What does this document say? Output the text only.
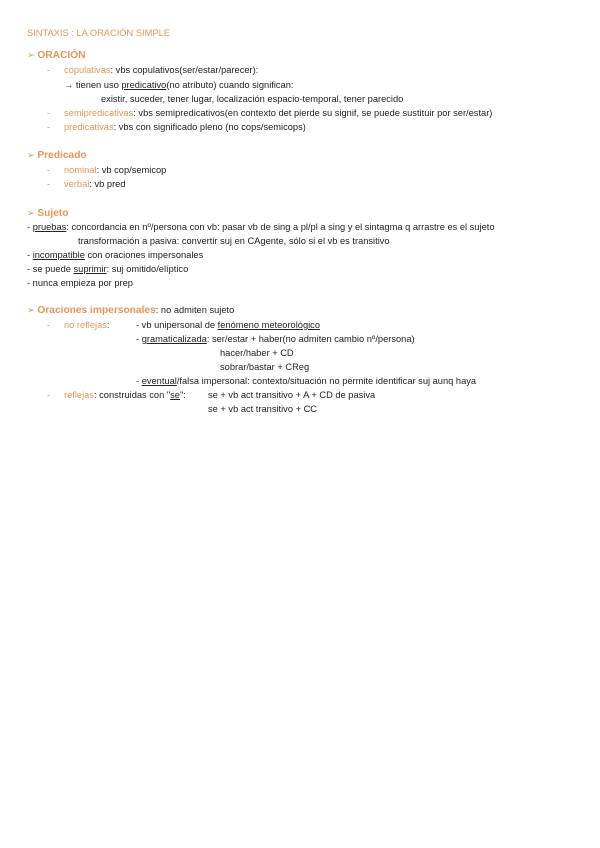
SINTAXIS : LA ORACIÓN SIMPLE
➢ ORACIÓN
- copulativas: vbs copulativos(ser/estar/parecer):
→ tienen uso predicativo(no atributo) cuando significan:
existir, suceder, tener lugar, localización espacio-temporal, tener parecido
- semipredicativas: vbs semipredicativos(en contexto det pierde su signif, se puede sustituir por ser/estar)
- predicativas: vbs con significado pleno (no cops/semicops)
➢ Predicado
- nominal: vb cop/semicop
- verbal: vb pred
➢ Sujeto
- pruebas: concordancia en nº/persona con vb: pasar vb de sing a pl/pl a sing y el sintagma q arrastre es el sujeto
transformación a pasiva: convertir suj en CAgente, sólo si el vb es transitivo
- incompatible con oraciones impersonales
- se puede suprimir: suj omitido/elíptico
- nunca empieza por prep
➢ Oraciones impersonales: no admiten sujeto
- no reflejas:	- vb unipersonal de fenómeno meteorológico
- gramaticalizada: ser/estar + haber(no admiten cambio nº/persona)
hacer/haber + CD
sobrar/bastar + CReg
- eventual/falsa impersonal: contexto/situación no permite identificar suj aunq haya
- reflejas: construidas con "se": se + vb act transitivo + A + CD de pasiva
se + vb act transitivo + CC
